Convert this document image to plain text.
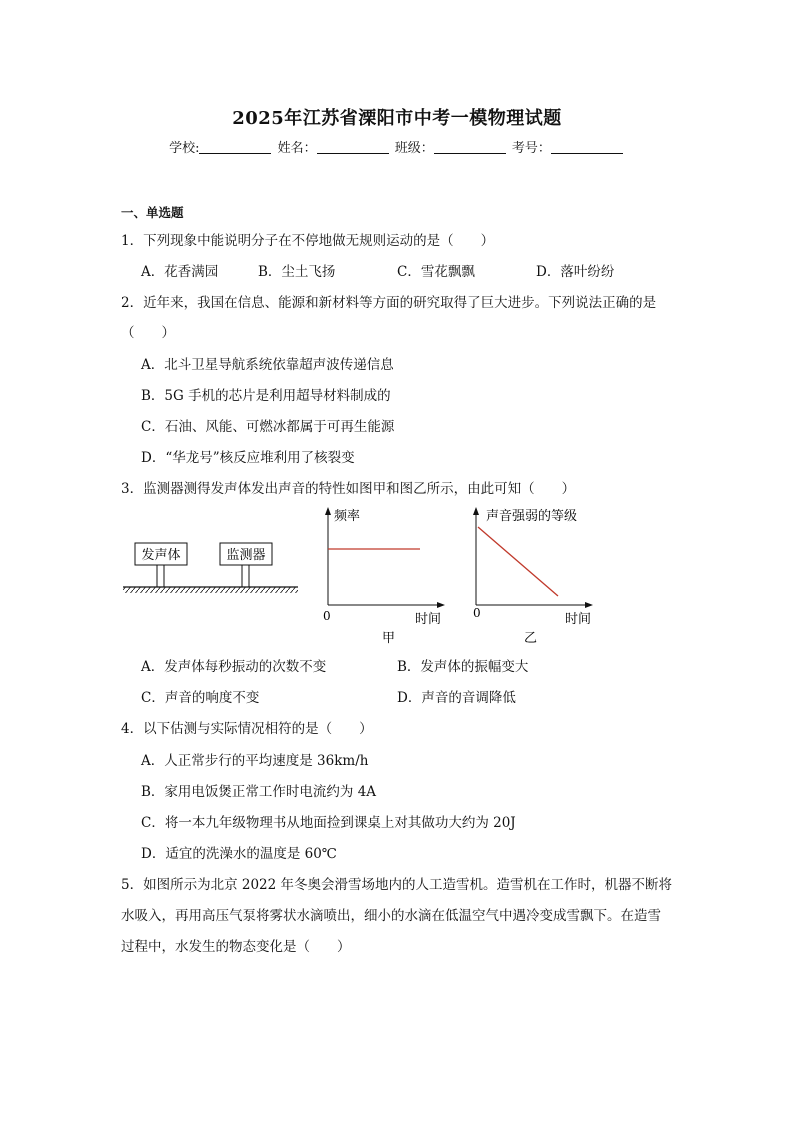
2025年江苏省溧阳市中考一模物理试题
学校:	姓名：	班级：	考号：
一、单选题
1．下列现象中能说明分子在不停地做无规则运动的是（　　）
A．花香满园	B．尘土飞扬	C．雪花飘飘	D．落叶纷纷
2．近年来，我国在信息、能源和新材料等方面的研究取得了巨大进步。下列说法正确的是
（　　）
A．北斗卫星导航系统依靠超声波传递信息
B．5G 手机的芯片是利用超导材料制成的
C．石油、风能、可燃冰都属于可再生能源
D．“华龙号”核反应堆利用了核裂变
3．监测器测得发声体发出声音的特性如图甲和图乙所示，由此可知（　　）
发声体	监测器
频率
0	时间
甲
声音强弱的等级
0	时间
乙
A．发声体每秒振动的次数不变	B．发声体的振幅变大
C．声音的响度不变	D．声音的音调降低
4．以下估测与实际情况相符的是（　　）
A．人正常步行的平均速度是 36km/h
B．家用电饭煲正常工作时电流约为 4A
C．将一本九年级物理书从地面捡到课桌上对其做功大约为 20J
D．适宜的洗澡水的温度是 60℃
5．如图所示为北京 2022 年冬奥会滑雪场地内的人工造雪机。造雪机在工作时，机器不断将
水吸入，再用高压气泵将雾状水滴喷出，细小的水滴在低温空气中遇冷变成雪飘下。在造雪
过程中，水发生的物态变化是（　　）
